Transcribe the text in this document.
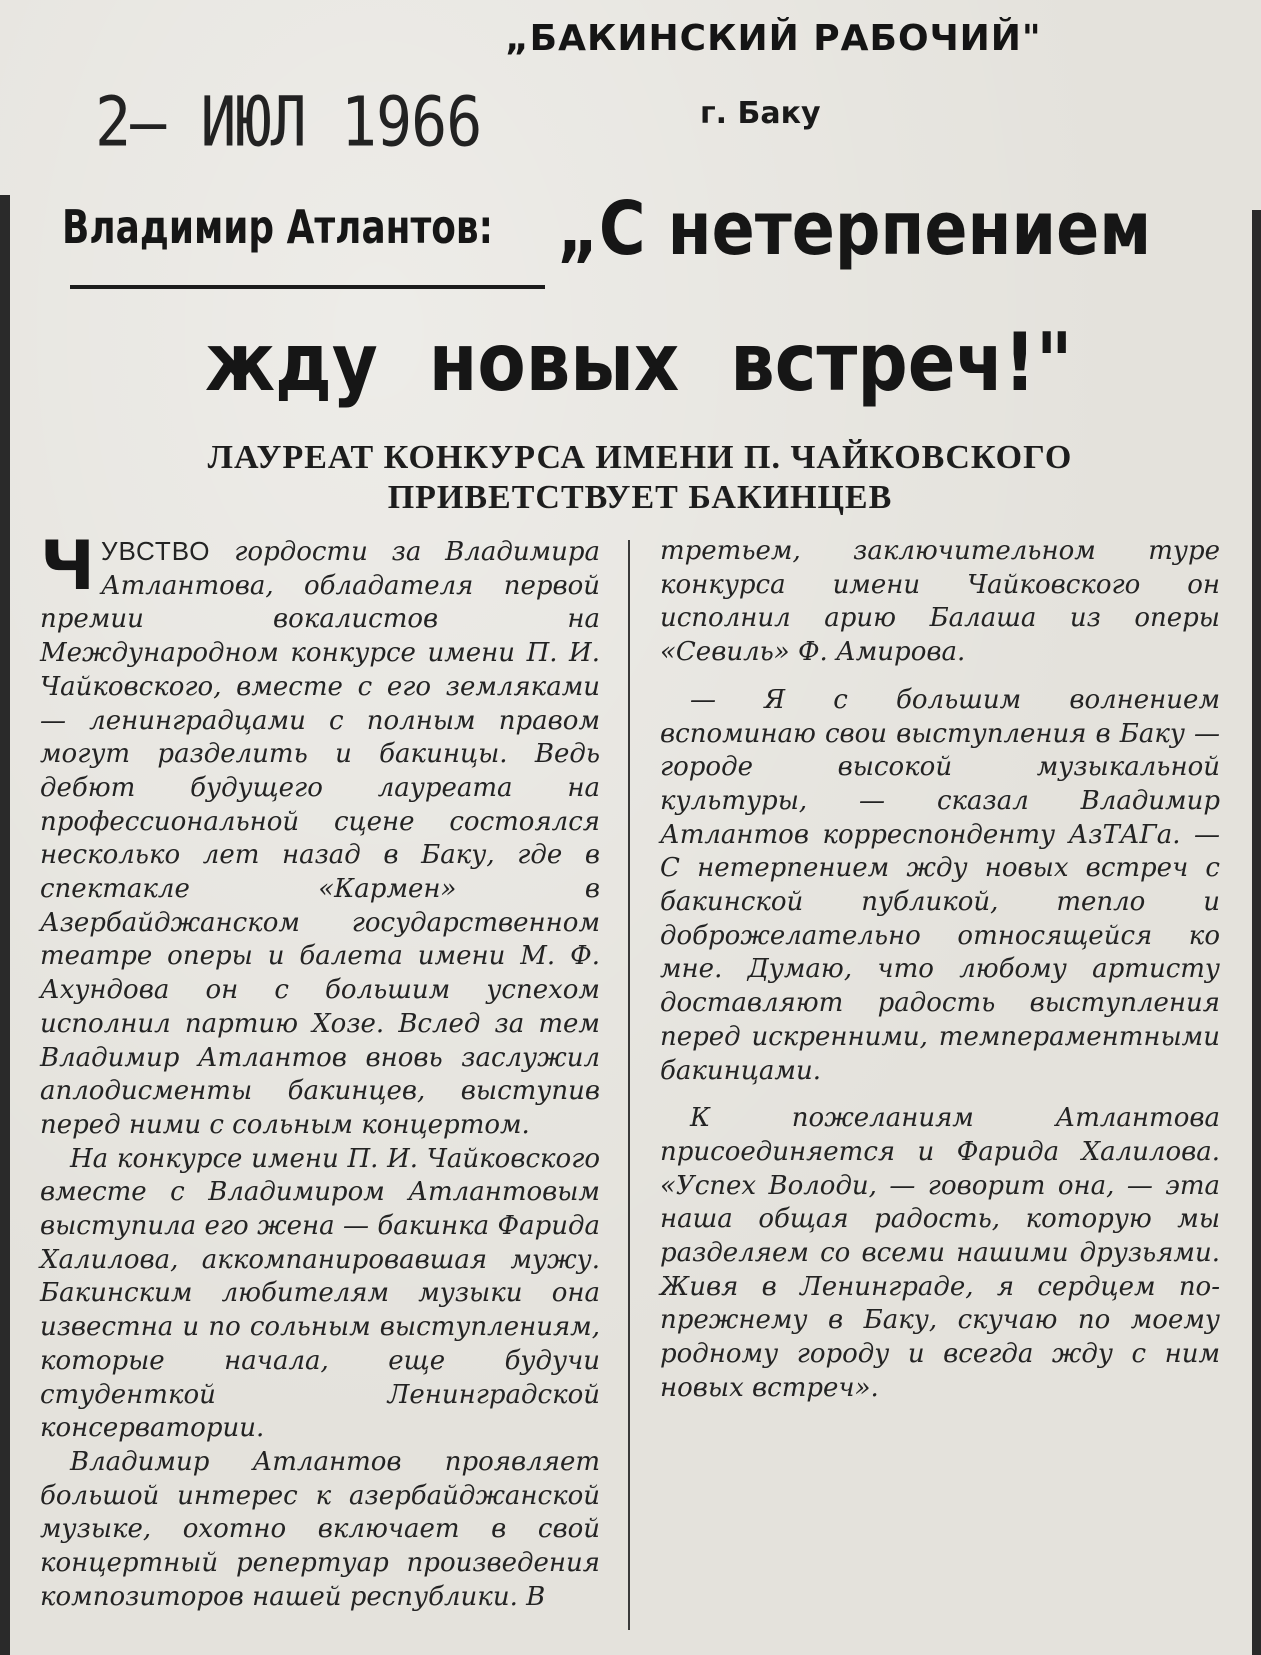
„БАКИНСКИЙ РАБОЧИЙ"
г. Баку
2— ИЮЛ 1966
Владимир Атлантов: „С нетерпением
жду новых встреч!"
ЛАУРЕАТ КОНКУРСА ИМЕНИ П. ЧАЙКОВСКОГО
ПРИВЕТСТВУЕТ БАКИНЦЕВ

ЧУВСТВО гордости за Владимира Атлантова, обладателя первой премии вокалистов на Международном конкурсе имени П. И. Чайковского, вместе с его земляками — ленинградцами с полным правом могут разделить и бакинцы. Ведь дебют будущего лауреата на профессиональной сцене состоялся несколько лет назад в Баку, где в спектакле «Кармен» в Азербайджанском государственном театре оперы и балета имени М. Ф. Ахундова он с большим успехом исполнил партию Хозе. Вслед за тем Владимир Атлантов вновь заслужил аплодисменты бакинцев, выступив перед ними с сольным концертом.

На конкурсе имени П. И. Чайковского вместе с Владимиром Атлантовым выступила его жена — бакинка Фарида Халилова, аккомпанировавшая мужу. Бакинским любителям музыки она известна и по сольным выступлениям, которые начала, еще будучи студенткой Ленинградской консерватории.

Владимир Атлантов проявляет большой интерес к азербайджанской музыке, охотно включает в свой концертный репертуар произведения композиторов нашей республики. В

третьем, заключительном туре конкурса имени Чайковского он исполнил арию Балаша из оперы «Севиль» Ф. Амирова.

— Я с большим волнением вспоминаю свои выступления в Баку — городе высокой музыкальной культуры, — сказал Владимир Атлантов корреспонденту АзТАГа. — С нетерпением жду новых встреч с бакинской публикой, тепло и доброжелательно относящейся ко мне. Думаю, что любому артисту доставляют радость выступления перед искренними, темпераментными бакинцами.

К пожеланиям Атлантова присоединяется и Фарида Халилова. «Успех Володи, — говорит она, — эта наша общая радость, которую мы разделяем со всеми нашими друзьями. Живя в Ленинграде, я сердцем по-прежнему в Баку, скучаю по моему родному городу и всегда жду с ним новых встреч».
